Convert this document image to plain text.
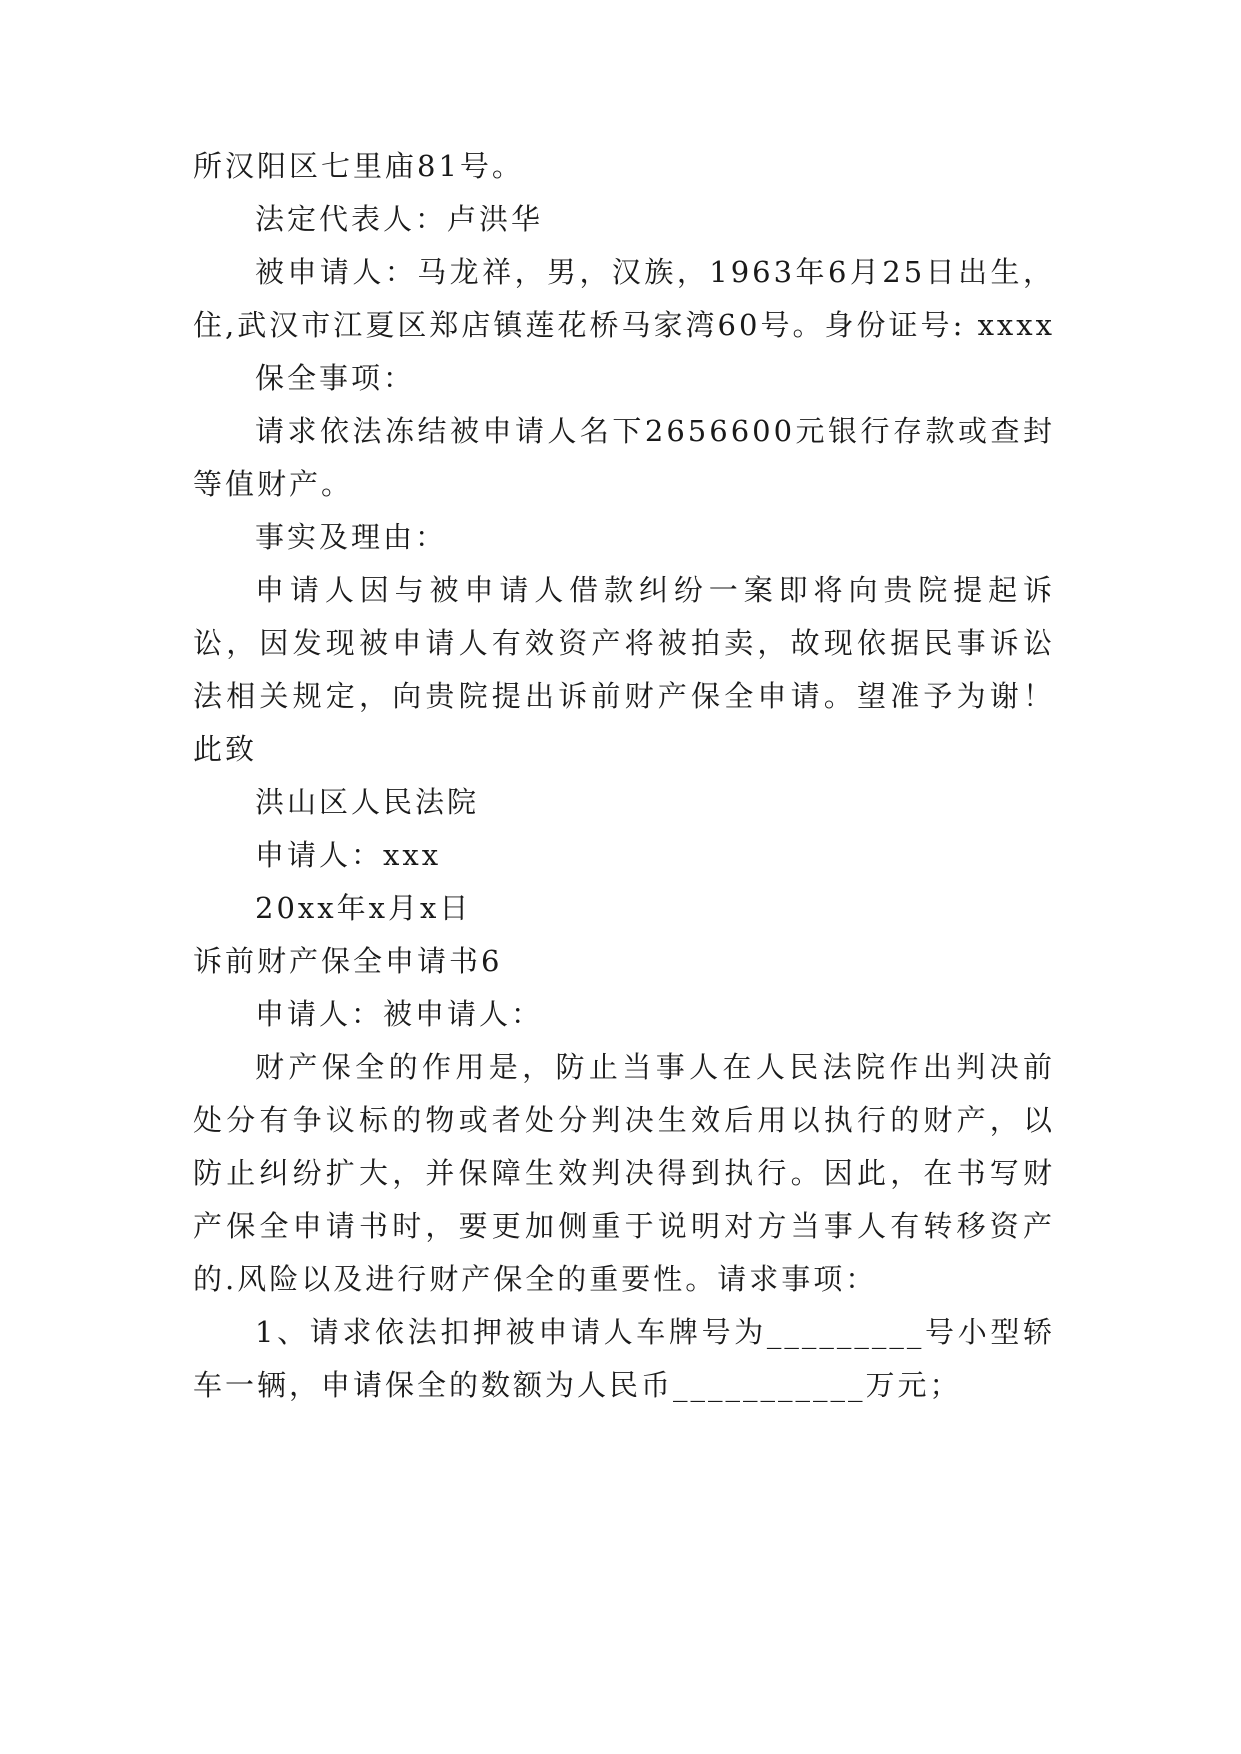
所汉阳区七里庙81号。
法定代表人：卢洪华
被申请人：马龙祥，男，汉族，1963年6月25日出生，
住,武汉市江夏区郑店镇莲花桥马家湾60号。身份证号: xxxx
保全事项：
请求依法冻结被申请人名下2656600元银行存款或查封
等值财产。
事实及理由：
申请人因与被申请人借款纠纷一案即将向贵院提起诉
讼，因发现被申请人有效资产将被拍卖，故现依据民事诉讼
法相关规定，向贵院提出诉前财产保全申请。望准予为谢！
此致
洪山区人民法院
申请人：xxx
20xx年x月x日
诉前财产保全申请书6
申请人：被申请人：
财产保全的作用是，防止当事人在人民法院作出判决前
处分有争议标的物或者处分判决生效后用以执行的财产，以
防止纠纷扩大，并保障生效判决得到执行。因此，在书写财
产保全申请书时，要更加侧重于说明对方当事人有转移资产
的.风险以及进行财产保全的重要性。请求事项：
1、请求依法扣押被申请人车牌号为_________号小型轿
车一辆，申请保全的数额为人民币___________万元；
